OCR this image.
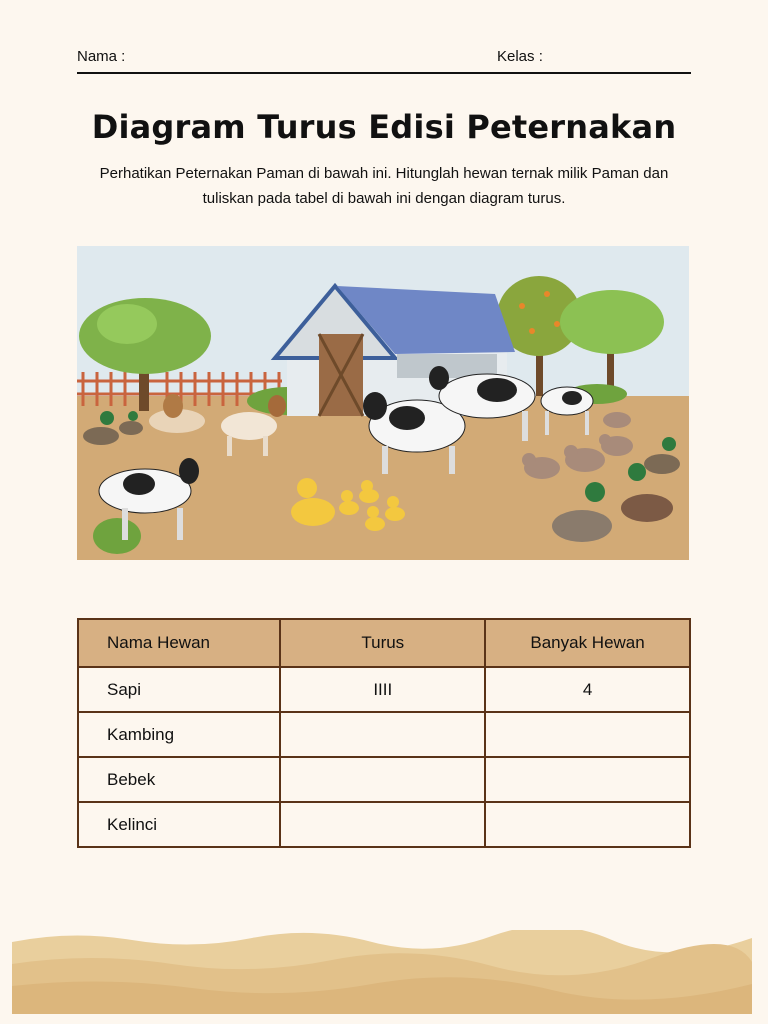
Nama :	Kelas :
Diagram Turus Edisi Peternakan
Perhatikan Peternakan Paman di bawah ini. Hitunglah hewan ternak milik Paman dan tuliskan pada tabel di bawah ini dengan diagram turus.
Nama Hewan	Turus	Banyak Hewan
Sapi	IIII	4
Kambing		
Bebek		
Kelinci		
